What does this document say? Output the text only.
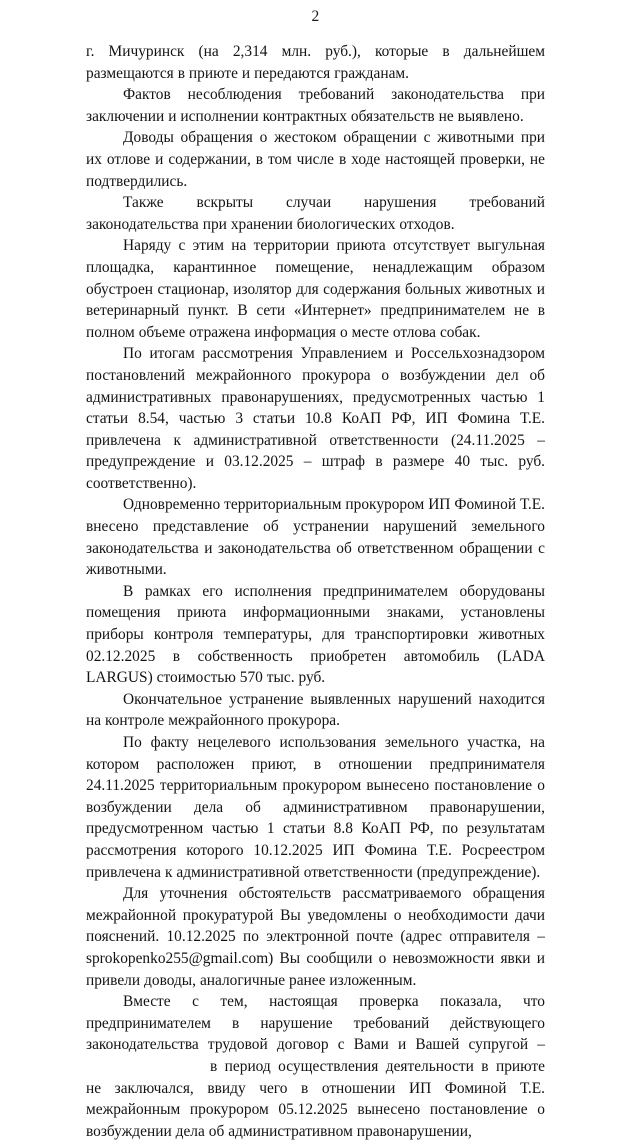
2

г. Мичуринск (на 2,314 млн. руб.), которые в дальнейшем размещаются в приюте и передаются гражданам.

Фактов несоблюдения требований законодательства при заключении и исполнении контрактных обязательств не выявлено.

Доводы обращения о жестоком обращении с животными при их отлове и содержании, в том числе в ходе настоящей проверки, не подтвердились.

Также вскрыты случаи нарушения требований законодательства при хранении биологических отходов.

Наряду с этим на территории приюта отсутствует выгульная площадка, карантинное помещение, ненадлежащим образом обустроен стационар, изолятор для содержания больных животных и ветеринарный пункт. В сети «Интернет» предпринимателем не в полном объеме отражена информация о месте отлова собак.

По итогам рассмотрения Управлением и Россельхознадзором постановлений межрайонного прокурора о возбуждении дел об административных правонарушениях, предусмотренных частью 1 статьи 8.54, частью 3 статьи 10.8 КоАП РФ, ИП Фомина Т.Е. привлечена к административной ответственности (24.11.2025 – предупреждение и 03.12.2025 – штраф в размере 40 тыс. руб. соответственно).

Одновременно территориальным прокурором ИП Фоминой Т.Е. внесено представление об устранении нарушений земельного законодательства и законодательства об ответственном обращении с животными.

В рамках его исполнения предпринимателем оборудованы помещения приюта информационными знаками, установлены приборы контроля температуры, для транспортировки животных 02.12.2025 в собственность приобретен автомобиль (LADA LARGUS) стоимостью 570 тыс. руб.

Окончательное устранение выявленных нарушений находится на контроле межрайонного прокурора.

По факту нецелевого использования земельного участка, на котором расположен приют, в отношении предпринимателя 24.11.2025 территориальным прокурором вынесено постановление о возбуждении дела об административном правонарушении, предусмотренном частью 1 статьи 8.8 КоАП РФ, по результатам рассмотрения которого 10.12.2025 ИП Фомина Т.Е. Росреестром привлечена к административной ответственности (предупреждение).

Для уточнения обстоятельств рассматриваемого обращения межрайонной прокуратурой Вы уведомлены о необходимости дачи пояснений. 10.12.2025 по электронной почте (адрес отправителя – sprokopenko255@gmail.com) Вы сообщили о невозможности явки и привели доводы, аналогичные ранее изложенным.

Вместе с тем, настоящая проверка показала, что предпринимателем в нарушение требований действующего законодательства трудовой договор с Вами и Вашей супругой –в период осуществления деятельности в приюте не заключался, ввиду чего в отношении ИП Фоминой Т.Е. межрайонным прокурором 05.12.2025 вынесено постановление о возбуждении дела об административном правонарушении,
